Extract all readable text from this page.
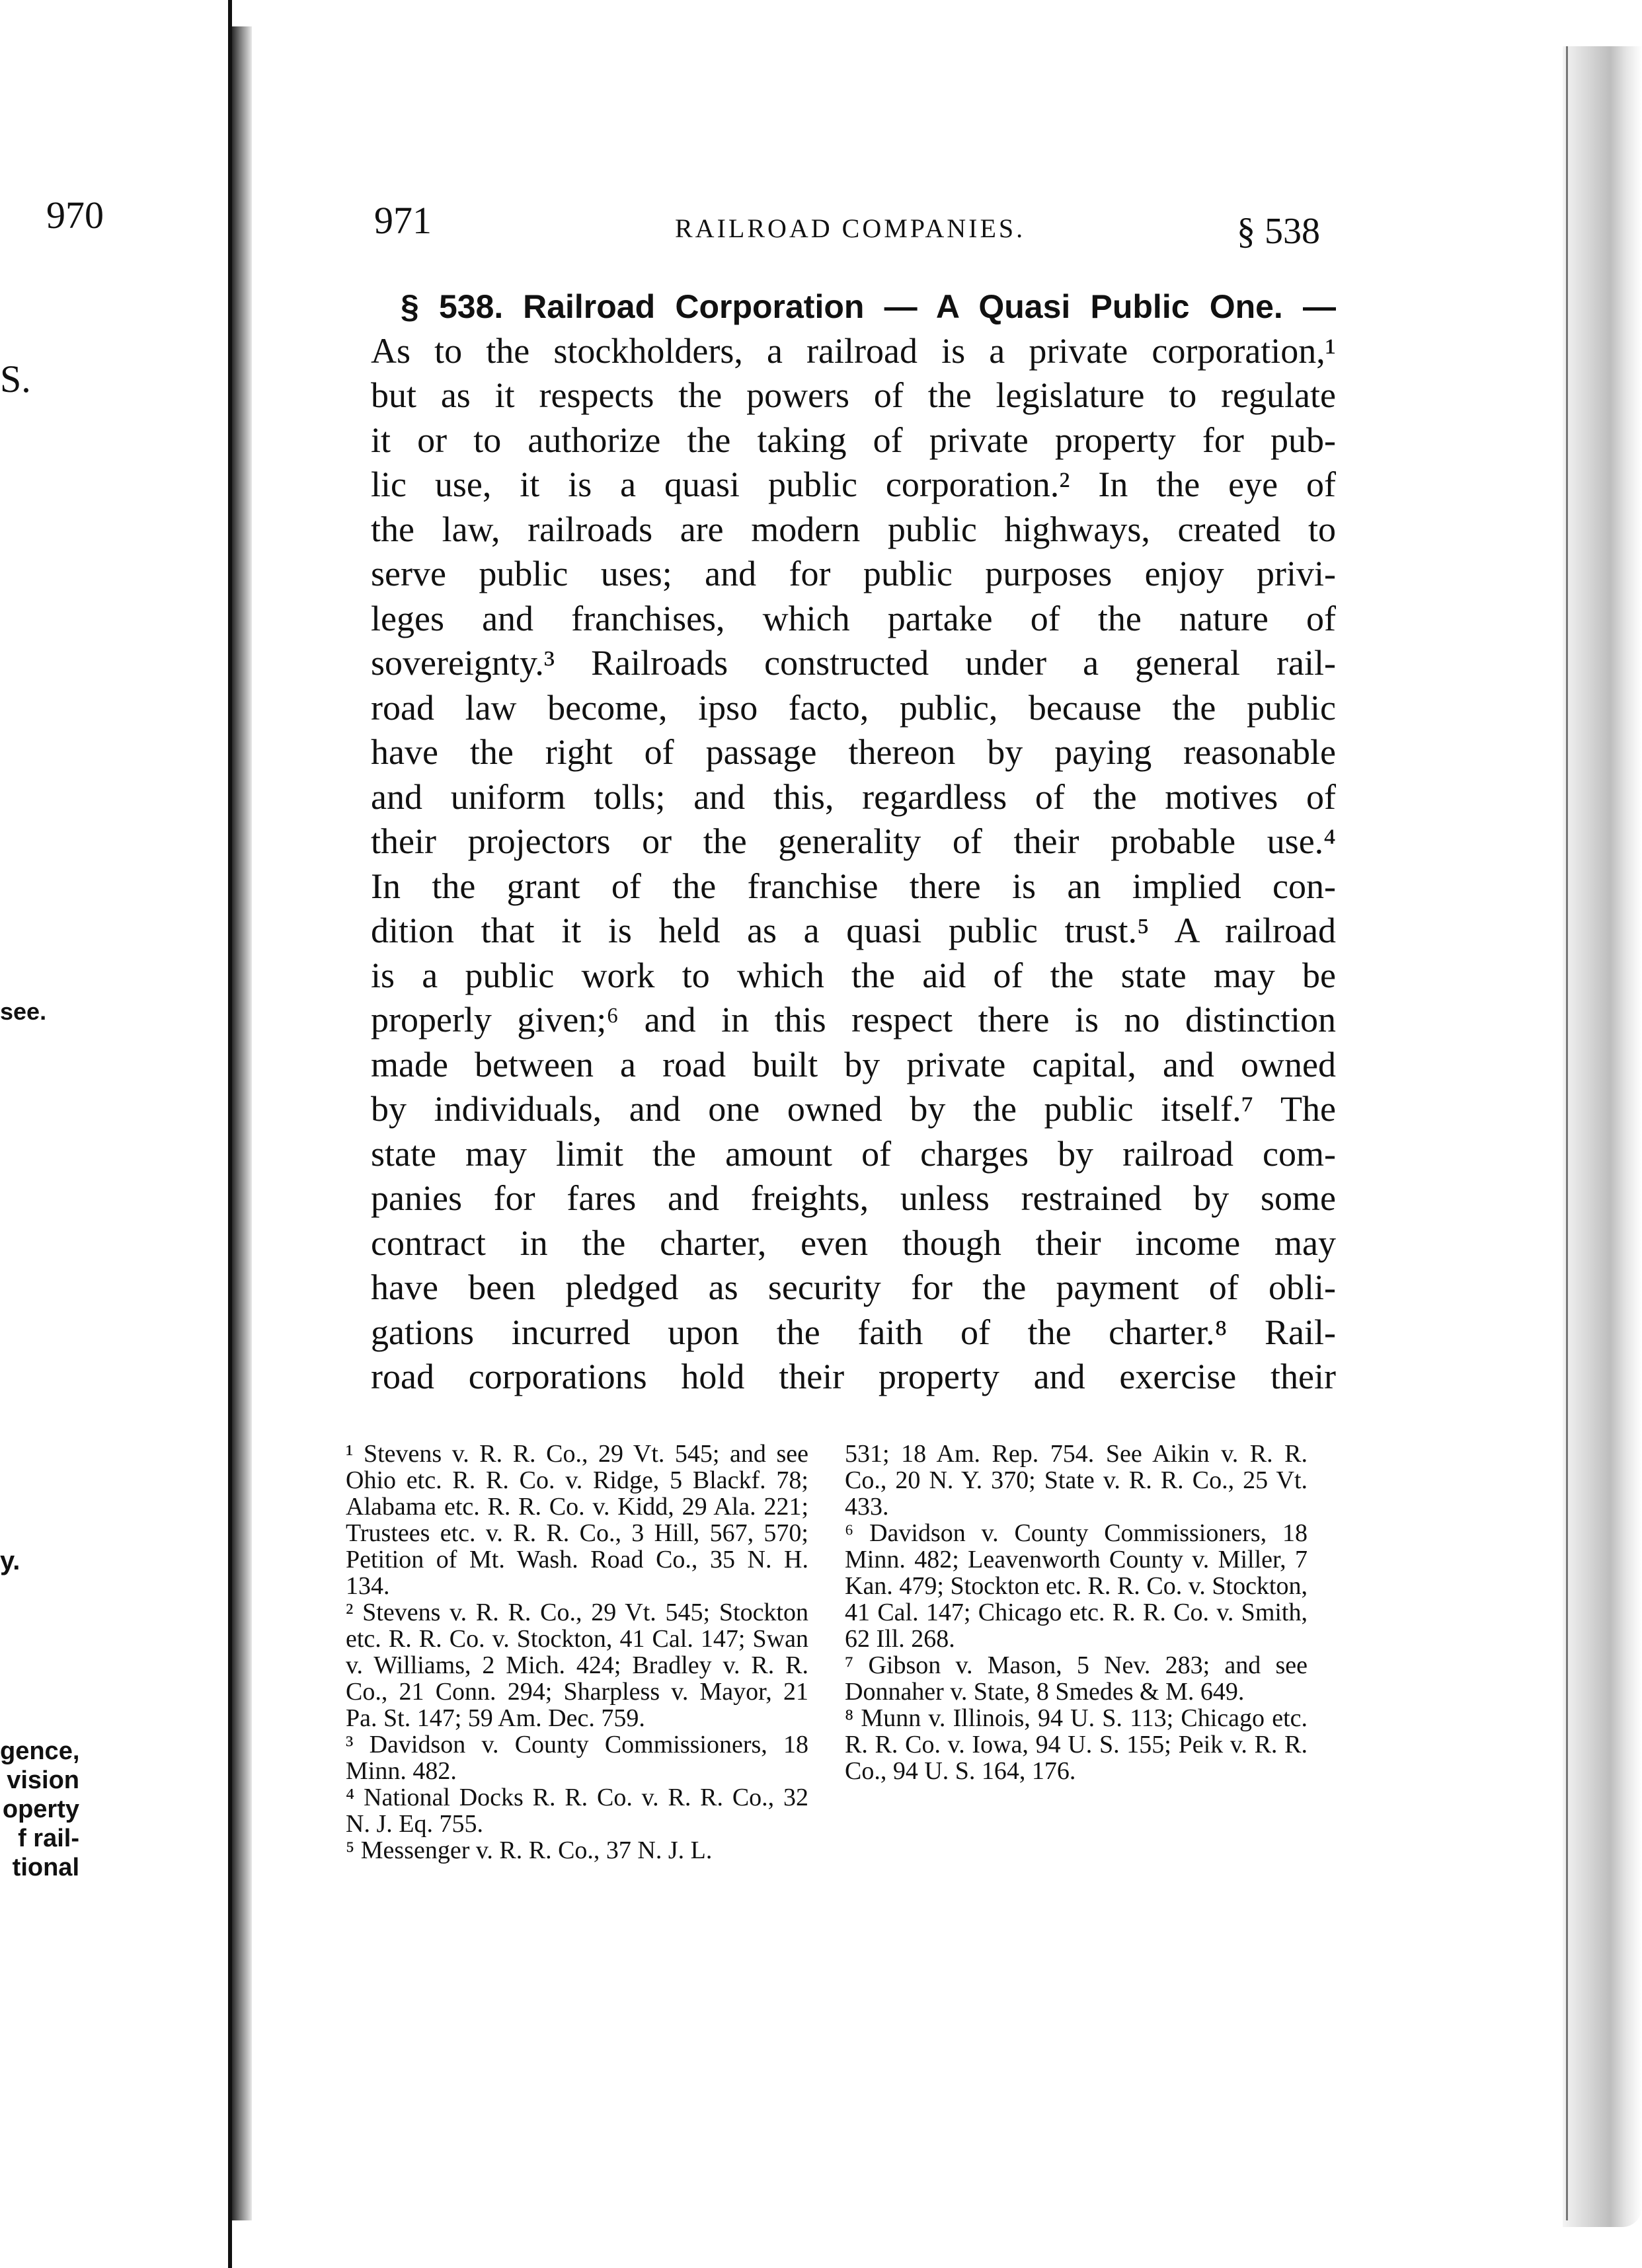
970
S.
see.
y.
gence,
vision
operty
f rail-
tional
971	RAILROAD COMPANIES.	§ 538
§ 538. Railroad Corporation — A Quasi Public One. —
As to the stockholders, a railroad is a private corporation,¹
but as it respects the powers of the legislature to regulate
it or to authorize the taking of private property for pub-
lic use, it is a quasi public corporation.² In the eye of
the law, railroads are modern public highways, created to
serve public uses; and for public purposes enjoy privi-
leges and franchises, which partake of the nature of
sovereignty.³ Railroads constructed under a general rail-
road law become, ipso facto, public, because the public
have the right of passage thereon by paying reasonable
and uniform tolls; and this, regardless of the motives of
their projectors or the generality of their probable use.⁴
In the grant of the franchise there is an implied con-
dition that it is held as a quasi public trust.⁵ A railroad
is a public work to which the aid of the state may be
properly given;⁶ and in this respect there is no distinction
made between a road built by private capital, and owned
by individuals, and one owned by the public itself.⁷ The
state may limit the amount of charges by railroad com-
panies for fares and freights, unless restrained by some
contract in the charter, even though their income may
have been pledged as security for the payment of obli-
gations incurred upon the faith of the charter.⁸ Rail-
road corporations hold their property and exercise their

¹ Stevens v. R. R. Co., 29 Vt. 545; and see Ohio etc. R. R. Co. v. Ridge, 5 Blackf. 78; Alabama etc. R. R. Co. v. Kidd, 29 Ala. 221; Trustees etc. v. R. R. Co., 3 Hill, 567, 570; Petition of Mt. Wash. Road Co., 35 N. H. 134.

² Stevens v. R. R. Co., 29 Vt. 545; Stockton etc. R. R. Co. v. Stockton, 41 Cal. 147; Swan v. Williams, 2 Mich. 424; Bradley v. R. R. Co., 21 Conn. 294; Sharpless v. Mayor, 21 Pa. St. 147; 59 Am. Dec. 759.

³ Davidson v. County Commissioners, 18 Minn. 482.

⁴ National Docks R. R. Co. v. R. R. Co., 32 N. J. Eq. 755.

⁵ Messenger v. R. R. Co., 37 N. J. L.

531; 18 Am. Rep. 754. See Aikin v. R. R. Co., 20 N. Y. 370; State v. R. R. Co., 25 Vt. 433.

⁶ Davidson v. County Commissioners, 18 Minn. 482; Leavenworth County v. Miller, 7 Kan. 479; Stockton etc. R. R. Co. v. Stockton, 41 Cal. 147; Chicago etc. R. R. Co. v. Smith, 62 Ill. 268.

⁷ Gibson v. Mason, 5 Nev. 283; and see Donnaher v. State, 8 Smedes & M. 649.

⁸ Munn v. Illinois, 94 U. S. 113; Chicago etc. R. R. Co. v. Iowa, 94 U. S. 155; Peik v. R. R. Co., 94 U. S. 164, 176.
